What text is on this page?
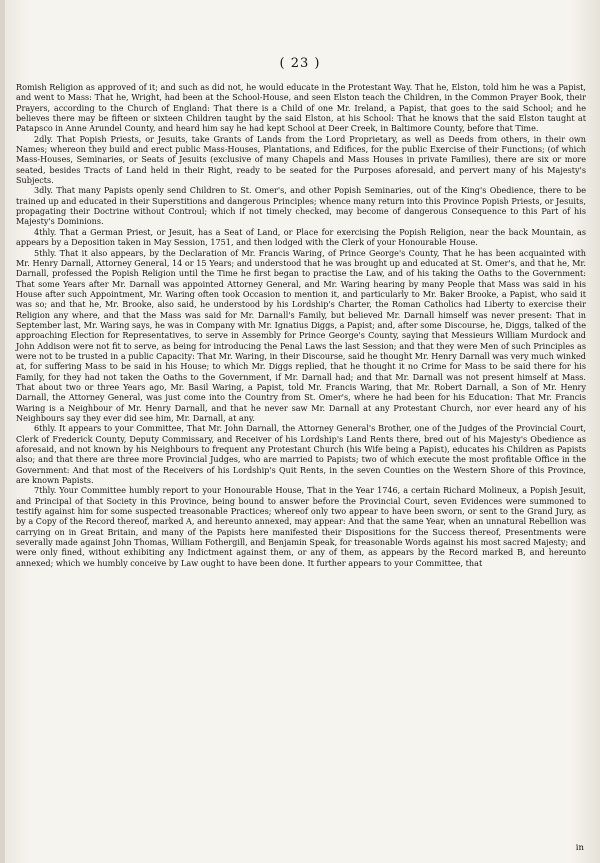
( 23 )

Romish Religion as approved of it; and such as did not, he would educate in the Protestant Way. That he, Elston, told him he was a Papist, and went to Mass: That he, Wright, had been at the School-House, and seen Elston teach the Children, in the Common Prayer Book, their Prayers, according to the Church of England: That there is a Child of one Mr. Ireland, a Papist, that goes to the said School; and he believes there may be fifteen or sixteen Children taught by the said Elston, at his School: That he knows that the said Elston taught at Patapsco in Anne Arundel County, and heard him say he had kept School at Deer Creek, in Baltimore County, before that Time.

2dly. That Popish Priests, or Jesuits, take Grants of Lands from the Lord Proprietary, as well as Deeds from others, in their own Names; whereon they build and erect public Mass-Houses, Plantations, and Edifices, for the public Exercise of their Functions; (of which Mass-Houses, Seminaries, or Seats of Jesuits (exclusive of many Chapels and Mass Houses in private Families), there are six or more seated, besides Tracts of Land held in their Right, ready to be seated for the Purposes aforesaid, and pervert many of his Majesty's Subjects.

3dly. That many Papists openly send Children to St. Omer's, and other Popish Seminaries, out of the King's Obedience, there to be trained up and educated in their Superstitions and dangerous Principles; whence many return into this Province Popish Priests, or Jesuits, propagating their Doctrine without Controul; which if not timely checked, may become of dangerous Consequence to this Part of his Majesty's Dominions.

4thly. That a German Priest, or Jesuit, has a Seat of Land, or Place for exercising the Popish Religion, near the back Mountain, as appears by a Deposition taken in May Session, 1751, and then lodged with the Clerk of your Honourable House.

5thly. That it also appears, by the Declaration of Mr. Francis Waring, of Prince George's County, That he has been acquainted with Mr. Henry Darnall, Attorney General, 14 or 15 Years; and understood that he was brought up and educated at St. Omer's, and that he, Mr. Darnall, professed the Popish Religion until the Time he first began to practise the Law, and of his taking the Oaths to the Government: That some Years after Mr. Darnall was appointed Attorney General, and Mr. Waring hearing by many People that Mass was said in his House after such Appointment, Mr. Waring often took Occasion to mention it, and particularly to Mr. Baker Brooke, a Papist, who said it was so; and that he, Mr. Brooke, also said, he understood by his Lordship's Charter, the Roman Catholics had Liberty to exercise their Religion any where, and that the Mass was said for Mr. Darnall's Family, but believed Mr. Darnall himself was never present: That in September last, Mr. Waring says, he was in Company with Mr. Ignatius Diggs, a Papist; and, after some Discourse, he, Diggs, talked of the approaching Election for Representatives, to serve in Assembly for Prince George's County, saying that Messieurs William Murdock and John Addison were not fit to serve, as being for introducing the Penal Laws the last Session; and that they were Men of such Principles as were not to be trusted in a public Capacity: That Mr. Waring, in their Discourse, said he thought Mr. Henry Darnall was very much winked at, for suffering Mass to be said in his House; to which Mr. Diggs replied, that he thought it no Crime for Mass to be said there for his Family, for they had not taken the Oaths to the Government, if Mr. Darnall had; and that Mr. Darnall was not present himself at Mass. That about two or three Years ago, Mr. Basil Waring, a Papist, told Mr. Francis Waring, that Mr. Robert Darnall, a Son of Mr. Henry Darnall, the Attorney General, was just come into the Country from St. Omer's, where he had been for his Education: That Mr. Francis Waring is a Neighbour of Mr. Henry Darnall, and that he never saw Mr. Darnall at any Protestant Church, nor ever heard any of his Neighbours say they ever did see him, Mr. Darnall, at any.

6thly. It appears to your Committee, That Mr. John Darnall, the Attorney General's Brother, one of the Judges of the Provincial Court, Clerk of Frederick County, Deputy Commissary, and Receiver of his Lordship's Land Rents there, bred out of his Majesty's Obedience as aforesaid, and not known by his Neighbours to frequent any Protestant Church (his Wife being a Papist), educates his Children as Papists also; and that there are three more Provincial Judges, who are married to Papists; two of which execute the most profitable Office in the Government: And that most of the Receivers of his Lordship's Quit Rents, in the seven Counties on the Western Shore of this Province, are known Papists.

7thly. Your Committee humbly report to your Honourable House, That in the Year 1746, a certain Richard Molineux, a Popish Jesuit, and Principal of that Society in this Province, being bound to answer before the Provincial Court, seven Evidences were summoned to testify against him for some suspected treasonable Practices; whereof only two appear to have been sworn, or sent to the Grand Jury, as by a Copy of the Record thereof, marked A, and hereunto annexed, may appear: And that the same Year, when an unnatural Rebellion was carrying on in Great Britain, and many of the Papists here manifested their Dispositions for the Success thereof, Presentments were severally made against John Thomas, William Fothergill, and Benjamin Speak, for treasonable Words against his most sacred Majesty; and were only fined, without exhibiting any Indictment against them, or any of them, as appears by the Record marked B, and hereunto annexed; which we humbly conceive by Law ought to have been done. It further appears to your Committee, that

in
